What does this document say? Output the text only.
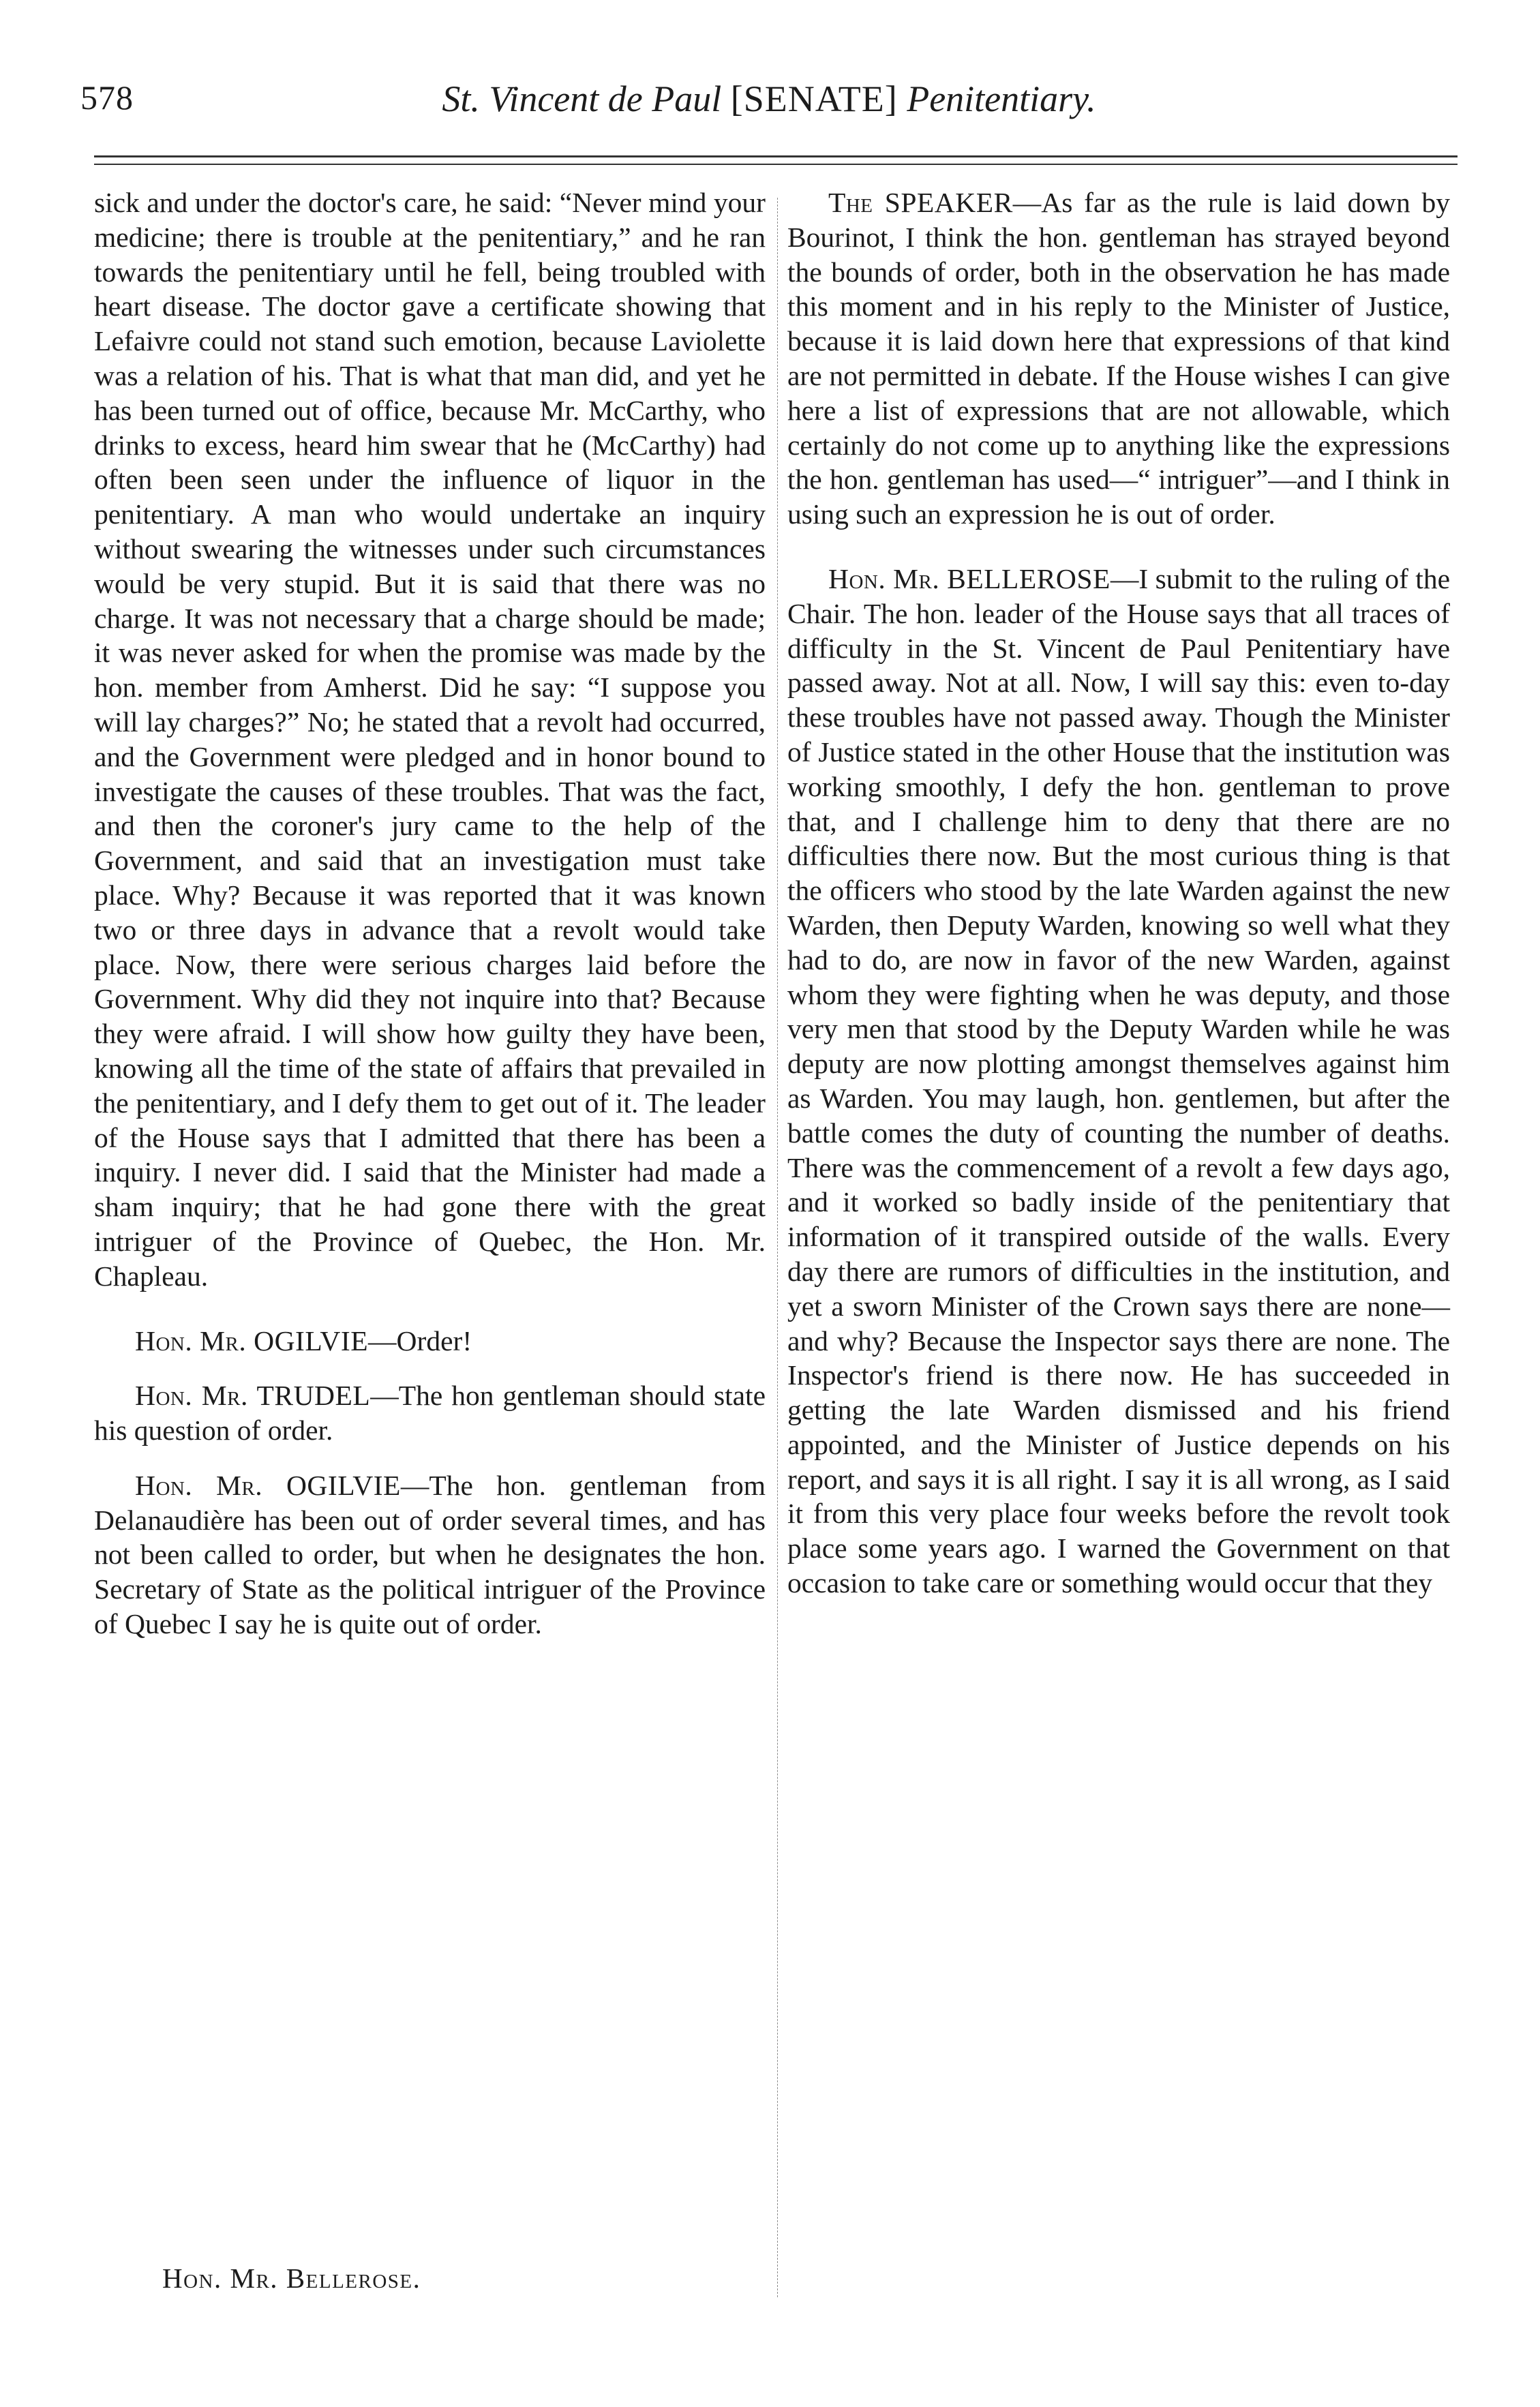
578	St. Vincent de Paul [SENATE] Penitentiary.

sick and under the doctor's care, he said: “Never mind your medicine; there is trouble at the penitentiary,” and he ran towards the penitentiary until he fell, being troubled with heart disease. The doctor gave a certificate showing that Lefaivre could not stand such emotion, because Laviolette was a relation of his. That is what that man did, and yet he has been turned out of office, because Mr. McCarthy, who drinks to excess, heard him swear that he (McCarthy) had often been seen under the influence of liquor in the penitentiary. A man who would undertake an inquiry without swearing the witnesses under such circumstances would be very stupid. But it is said that there was no charge. It was not necessary that a charge should be made; it was never asked for when the promise was made by the hon. member from Amherst. Did he say: “I suppose you will lay charges?” No; he stated that a revolt had occurred, and the Government were pledged and in honor bound to investigate the causes of these troubles. That was the fact, and then the coroner's jury came to the help of the Government, and said that an investigation must take place. Why? Because it was reported that it was known two or three days in advance that a revolt would take place. Now, there were serious charges laid before the Government. Why did they not inquire into that? Because they were afraid. I will show how guilty they have been, knowing all the time of the state of affairs that prevailed in the penitentiary, and I defy them to get out of it. The leader of the House says that I admitted that there has been a inquiry. I never did. I said that the Minister had made a sham inquiry; that he had gone there with the great intriguer of the Province of Quebec, the Hon. Mr. Chapleau.

Hon. Mr. OGILVIE—Order!

Hon. Mr. TRUDEL—The hon gentleman should state his question of order.

Hon. Mr. OGILVIE—The hon. gentleman from Delanaudière has been out of order several times, and has not been called to order, but when he designates the hon. Secretary of State as the political intriguer of the Province of Quebec I say he is quite out of order.

Hon. Mr. Bellerose.

The SPEAKER—As far as the rule is laid down by Bourinot, I think the hon. gentleman has strayed beyond the bounds of order, both in the observation he has made this moment and in his reply to the Minister of Justice, because it is laid down here that expressions of that kind are not permitted in debate. If the House wishes I can give here a list of expressions that are not allowable, which certainly do not come up to anything like the expressions the hon. gentleman has used—“ intriguer”—and I think in using such an expression he is out of order.

Hon. Mr. BELLEROSE—I submit to the ruling of the Chair. The hon. leader of the House says that all traces of difficulty in the St. Vincent de Paul Penitentiary have passed away. Not at all. Now, I will say this: even to-day these troubles have not passed away. Though the Minister of Justice stated in the other House that the institution was working smoothly, I defy the hon. gentleman to prove that, and I challenge him to deny that there are no difficulties there now. But the most curious thing is that the officers who stood by the late Warden against the new Warden, then Deputy Warden, knowing so well what they had to do, are now in favor of the new Warden, against whom they were fighting when he was deputy, and those very men that stood by the Deputy Warden while he was deputy are now plotting amongst themselves against him as Warden. You may laugh, hon. gentlemen, but after the battle comes the duty of counting the number of deaths. There was the commencement of a revolt a few days ago, and it worked so badly inside of the penitentiary that information of it transpired outside of the walls. Every day there are rumors of difficulties in the institution, and yet a sworn Minister of the Crown says there are none—and why? Because the Inspector says there are none. The Inspector's friend is there now. He has succeeded in getting the late Warden dismissed and his friend appointed, and the Minister of Justice depends on his report, and says it is all right. I say it is all wrong, as I said it from this very place four weeks before the revolt took place some years ago. I warned the Government on that occasion to take care or something would occur that they
